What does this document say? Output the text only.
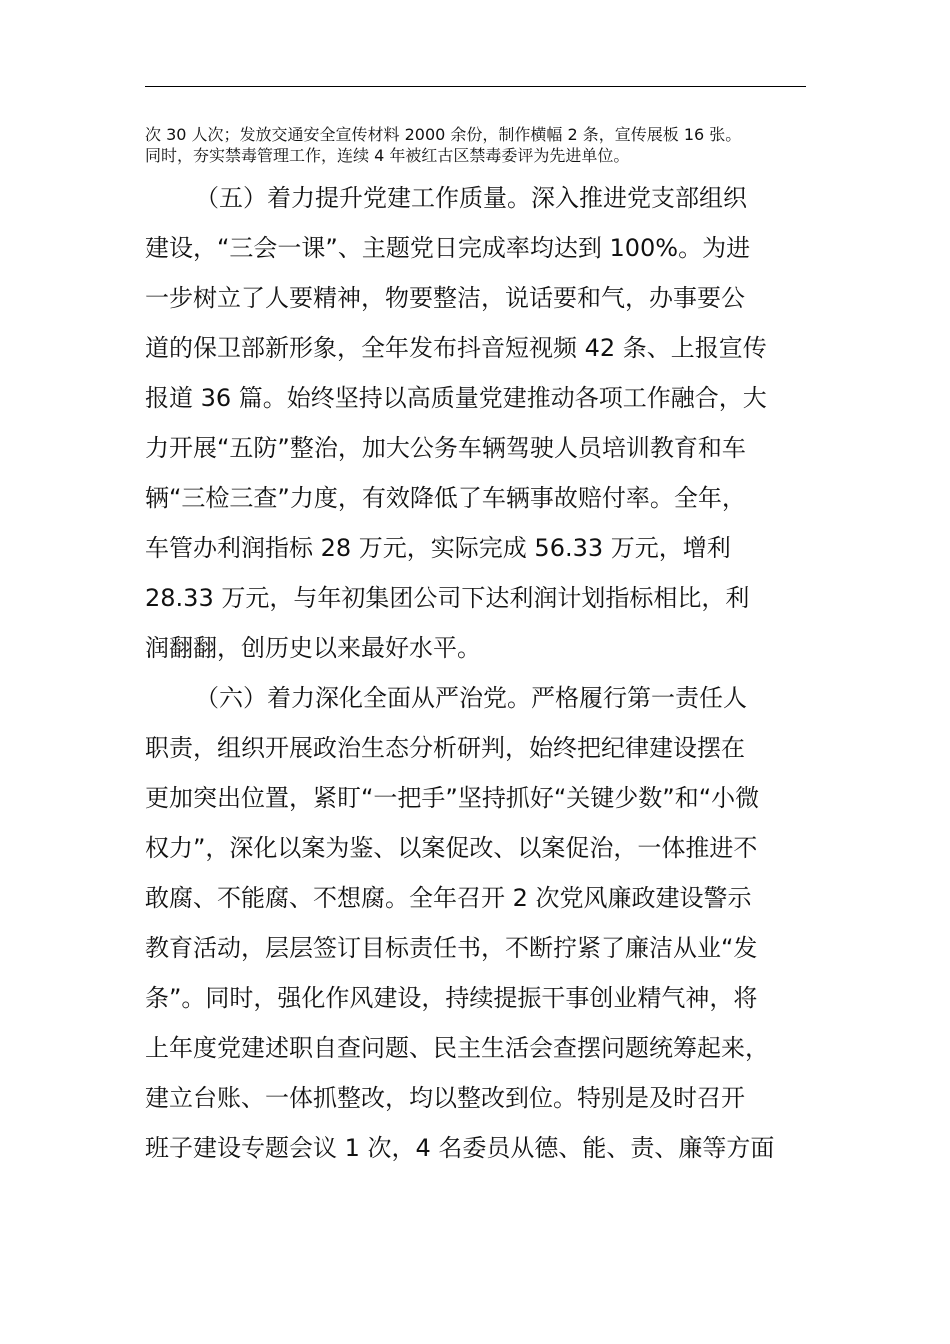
次 30 人次；发放交通安全宣传材料 2000 余份，制作横幅 2 条，宣传展板 16 张。
同时，夯实禁毒管理工作，连续 4 年被红古区禁毒委评为先进单位。
（五）着力提升党建工作质量。深入推进党支部组织
建设，“三会一课”、主题党日完成率均达到 100%。为进
一步树立了人要精神，物要整洁，说话要和气，办事要公
道的保卫部新形象，全年发布抖音短视频 42 条、上报宣传
报道 36 篇。始终坚持以高质量党建推动各项工作融合，大
力开展“五防”整治，加大公务车辆驾驶人员培训教育和车
辆“三检三查”力度，有效降低了车辆事故赔付率。全年，
车管办利润指标 28 万元，实际完成 56.33 万元，增利
28.33 万元，与年初集团公司下达利润计划指标相比，利
润翻翻，创历史以来最好水平。
（六）着力深化全面从严治党。严格履行第一责任人
职责，组织开展政治生态分析研判，始终把纪律建设摆在
更加突出位置，紧盯“一把手”坚持抓好“关键少数”和“小微
权力”，深化以案为鉴、以案促改、以案促治，一体推进不
敢腐、不能腐、不想腐。全年召开 2 次党风廉政建设警示
教育活动，层层签订目标责任书，不断拧紧了廉洁从业“发
条”。同时，强化作风建设，持续提振干事创业精气神，将
上年度党建述职自查问题、民主生活会查摆问题统筹起来，
建立台账、一体抓整改，均以整改到位。特别是及时召开
班子建设专题会议 1 次，4 名委员从德、能、责、廉等方面
